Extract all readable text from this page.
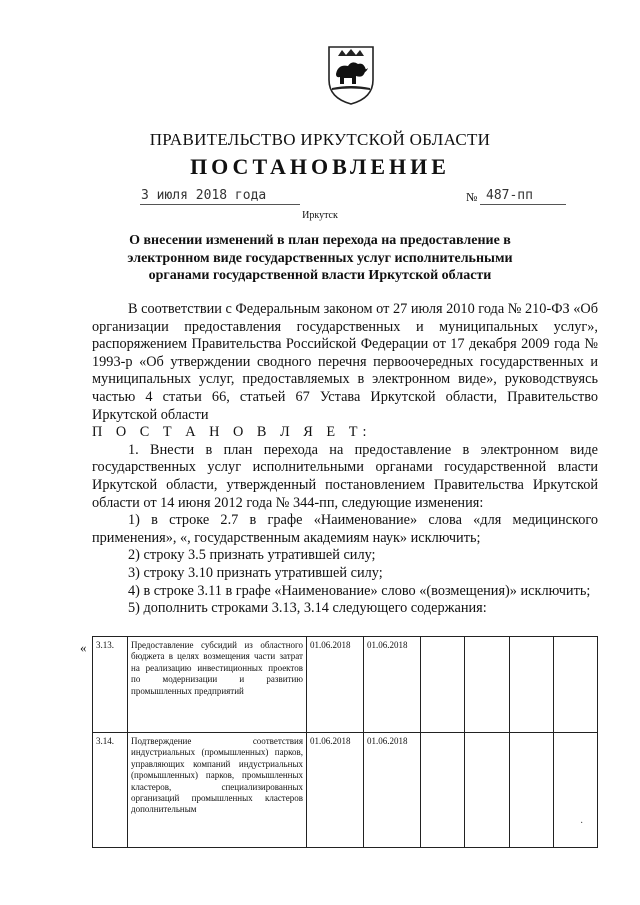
ПРАВИТЕЛЬСТВО ИРКУТСКОЙ ОБЛАСТИ
ПОСТАНОВЛЕНИЕ
3 июля 2018 года	№ 487-пп
Иркутск
О внесении изменений в план перехода на предоставление в электронном виде государственных услуг исполнительными органами государственной власти Иркутской области

В соответствии с Федеральным законом от 27 июля 2010 года № 210-ФЗ «Об организации предоставления государственных и муниципальных услуг», распоряжением Правительства Российской Федерации от 17 декабря 2009 года № 1993-р «Об утверждении сводного перечня первоочередных государственных и муниципальных услуг, предоставляемых в электронном виде», руководствуясь частью 4 статьи 66, статьей 67 Устава Иркутской области, Правительство Иркутской области

П О С Т А Н О В Л Я Е Т:

1. Внести в план перехода на предоставление в электронном виде государственных услуг исполнительными органами государственной власти Иркутской области, утвержденный постановлением Правительства Иркутской области от 14 июня 2012 года № 344-пп, следующие изменения:

1) в строке 2.7 в графе «Наименование» слова «для медицинского применения», «, государственным академиям наук» исключить;

2) строку 3.5 признать утратившей силу;

3) строку 3.10 признать утратившей силу;

4) в строке 3.11 в графе «Наименование» слово «(возмещения)» исключить;

5) дополнить строками 3.13, 3.14 следующего содержания:

« 3.13.	Предоставление субсидий из областного бюджета в целях возмещения части затрат на реализацию инвестиционных проектов по модернизации и развитию промышленных предприятий	01.06.2018	01.06.2018				
3.14.	Подтверждение соответствия индустриальных (промышленных) парков, управляющих компаний индустриальных (промышленных) парков, промышленных кластеров, специализированных организаций промышленных кластеров дополнительным	01.06.2018	01.06.2018				
·
